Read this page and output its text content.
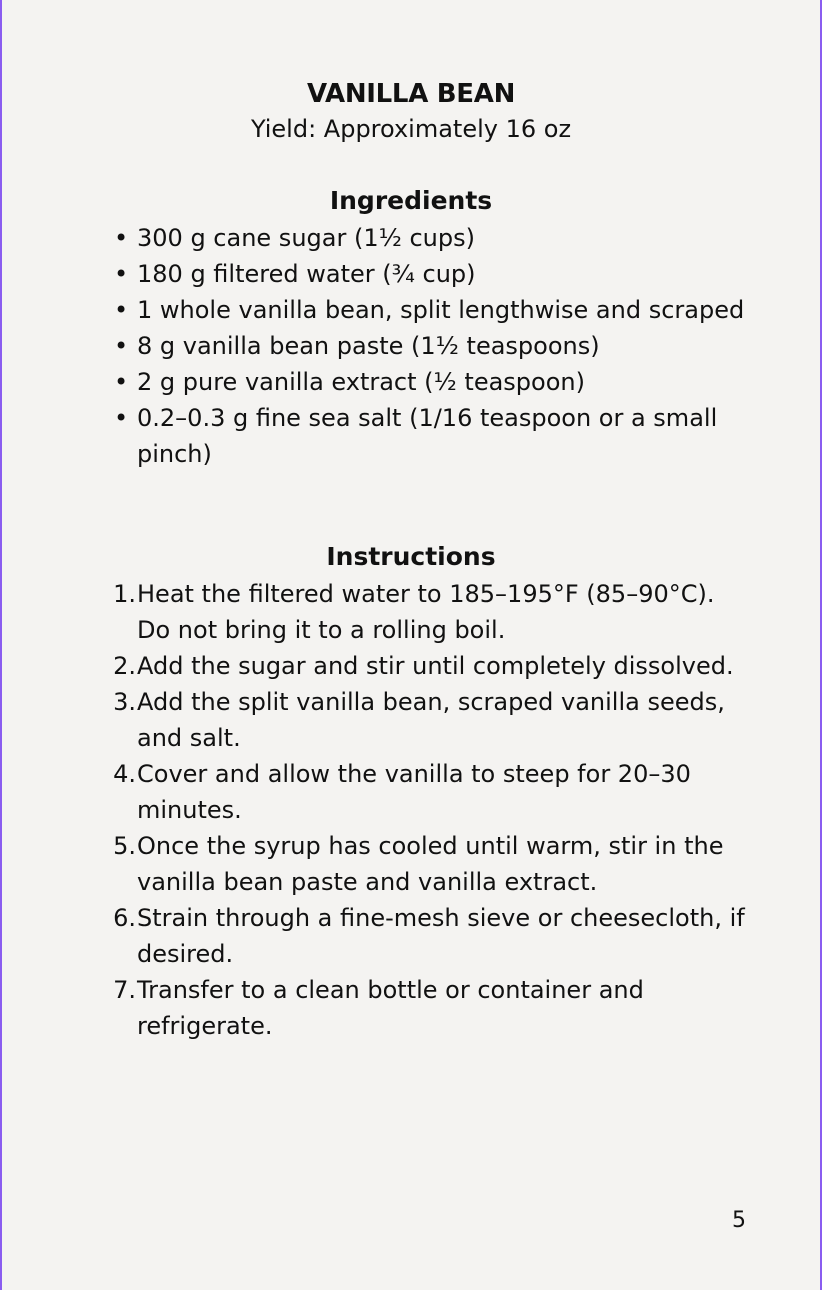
VANILLA BEAN
Yield: Approximately 16 oz
Ingredients
• 300 g cane sugar (1½ cups)
• 180 g filtered water (¾ cup)
• 1 whole vanilla bean, split lengthwise and scraped
• 8 g vanilla bean paste (1½ teaspoons)
• 2 g pure vanilla extract (½ teaspoon)
• 0.2–0.3 g fine sea salt (1/16 teaspoon or a small pinch)
Instructions
1. Heat the filtered water to 185–195°F (85–90°C). Do not bring it to a rolling boil.
2. Add the sugar and stir until completely dissolved.
3. Add the split vanilla bean, scraped vanilla seeds, and salt.
4. Cover and allow the vanilla to steep for 20–30 minutes.
5. Once the syrup has cooled until warm, stir in the vanilla bean paste and vanilla extract.
6. Strain through a fine-mesh sieve or cheesecloth, if desired.
7. Transfer to a clean bottle or container and refrigerate.
5
